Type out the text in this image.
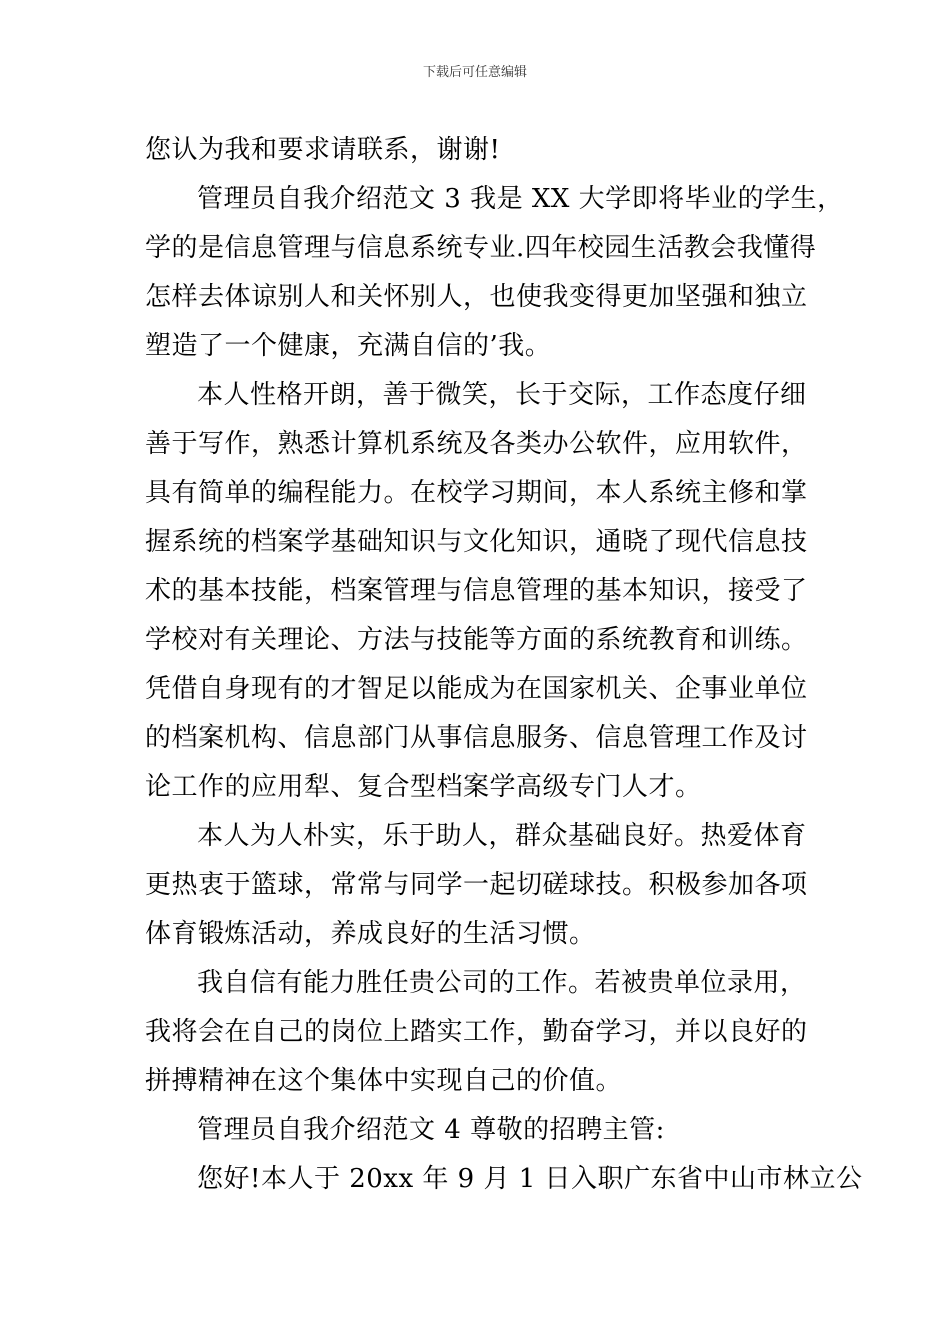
下载后可任意编辑
您认为我和要求请联系，谢谢!
管理员自我介绍范文 3 我是 XX 大学即将毕业的学生，
学的是信息管理与信息系统专业.四年校园生活教会我懂得
怎样去体谅别人和关怀别人，也使我变得更加坚强和独立
塑造了一个健康，充满自信的’我。
本人性格开朗，善于微笑，长于交际，工作态度仔细
善于写作，熟悉计算机系统及各类办公软件，应用软件，
具有简单的编程能力。在校学习期间，本人系统主修和掌
握系统的档案学基础知识与文化知识，通晓了现代信息技
术的基本技能，档案管理与信息管理的基本知识，接受了
学校对有关理论、方法与技能等方面的系统教育和训练。
凭借自身现有的才智足以能成为在国家机关、企事业单位
的档案机构、信息部门从事信息服务、信息管理工作及讨
论工作的应用犁、复合型档案学高级专门人才。
本人为人朴实，乐于助人，群众基础良好。热爱体育
更热衷于篮球，常常与同学一起切磋球技。积极参加各项
体育锻炼活动，养成良好的生活习惯。
我自信有能力胜任贵公司的工作。若被贵单位录用，
我将会在自己的岗位上踏实工作，勤奋学习，并以良好的
拼搏精神在这个集体中实现自己的价值。
管理员自我介绍范文 4 尊敬的招聘主管:
您好!本人于 20xx 年 9 月 1 日入职广东省中山市林立公
